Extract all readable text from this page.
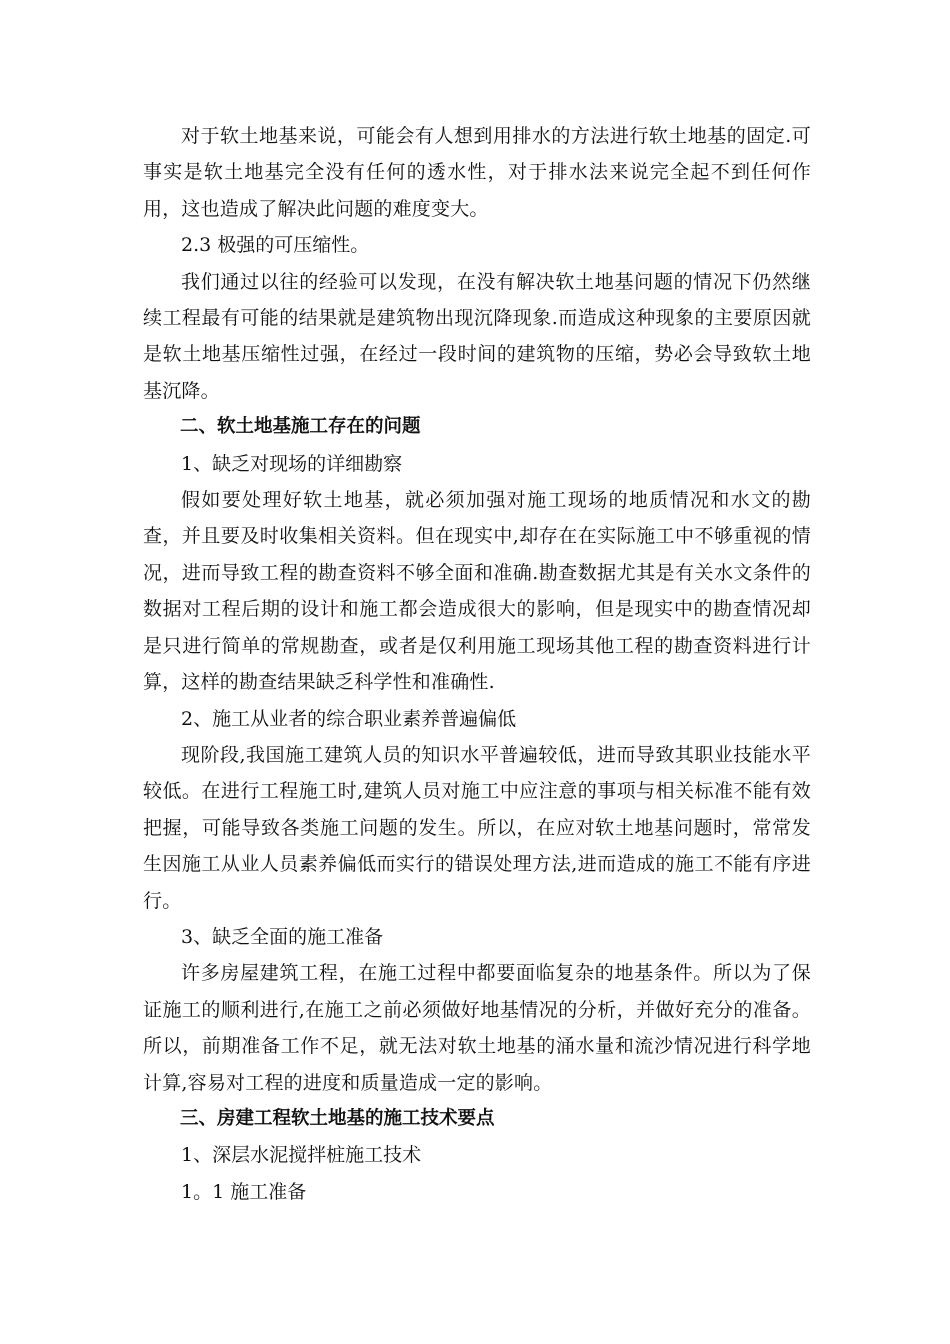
对于软土地基来说，可能会有人想到用排水的方法进行软土地基的固定.可事实是软土地基完全没有任何的透水性，对于排水法来说完全起不到任何作用，这也造成了解决此问题的难度变大。

2.3 极强的可压缩性。

我们通过以往的经验可以发现，在没有解决软土地基问题的情况下仍然继续工程最有可能的结果就是建筑物出现沉降现象.而造成这种现象的主要原因就是软土地基压缩性过强，在经过一段时间的建筑物的压缩，势必会导致软土地基沉降。

二、软土地基施工存在的问题

1、缺乏对现场的详细勘察

假如要处理好软土地基，就必须加强对施工现场的地质情况和水文的勘查，并且要及时收集相关资料。但在现实中,却存在在实际施工中不够重视的情况，进而导致工程的勘查资料不够全面和准确.勘查数据尤其是有关水文条件的数据对工程后期的设计和施工都会造成很大的影响，但是现实中的勘查情况却是只进行简单的常规勘查，或者是仅利用施工现场其他工程的勘查资料进行计算，这样的勘查结果缺乏科学性和准确性.

2、施工从业者的综合职业素养普遍偏低

现阶段,我国施工建筑人员的知识水平普遍较低，进而导致其职业技能水平较低。在进行工程施工时,建筑人员对施工中应注意的事项与相关标准不能有效把握，可能导致各类施工问题的发生。所以，在应对软土地基问题时，常常发生因施工从业人员素养偏低而实行的错误处理方法,进而造成的施工不能有序进行。

3、缺乏全面的施工准备

许多房屋建筑工程，在施工过程中都要面临复杂的地基条件。所以为了保证施工的顺利进行,在施工之前必须做好地基情况的分析，并做好充分的准备。所以，前期准备工作不足，就无法对软土地基的涌水量和流沙情况进行科学地计算,容易对工程的进度和质量造成一定的影响。

三、房建工程软土地基的施工技术要点

1、深层水泥搅拌桩施工技术

1。1 施工准备
